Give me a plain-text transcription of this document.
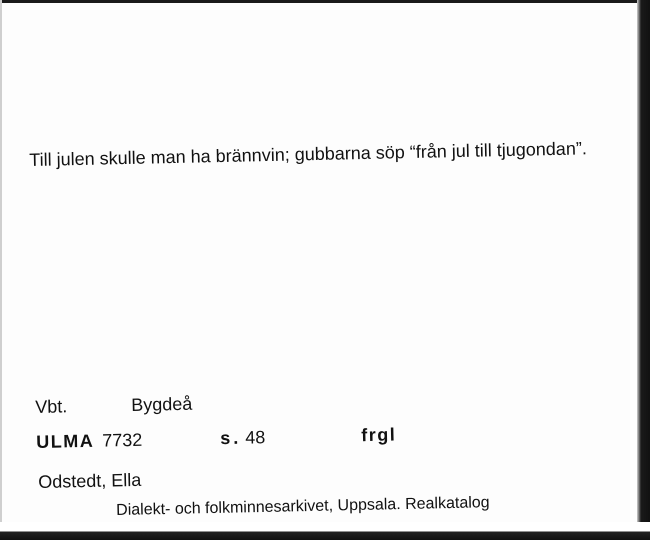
Till julen skulle man ha brännvin; gubbarna söp “från jul till tjugondan”.

Vbt.	Bygdeå
ULMA 7732	s. 48	frgl
Odstedt, Ella
Dialekt- och folkminnesarkivet, Uppsala. Realkatalog
